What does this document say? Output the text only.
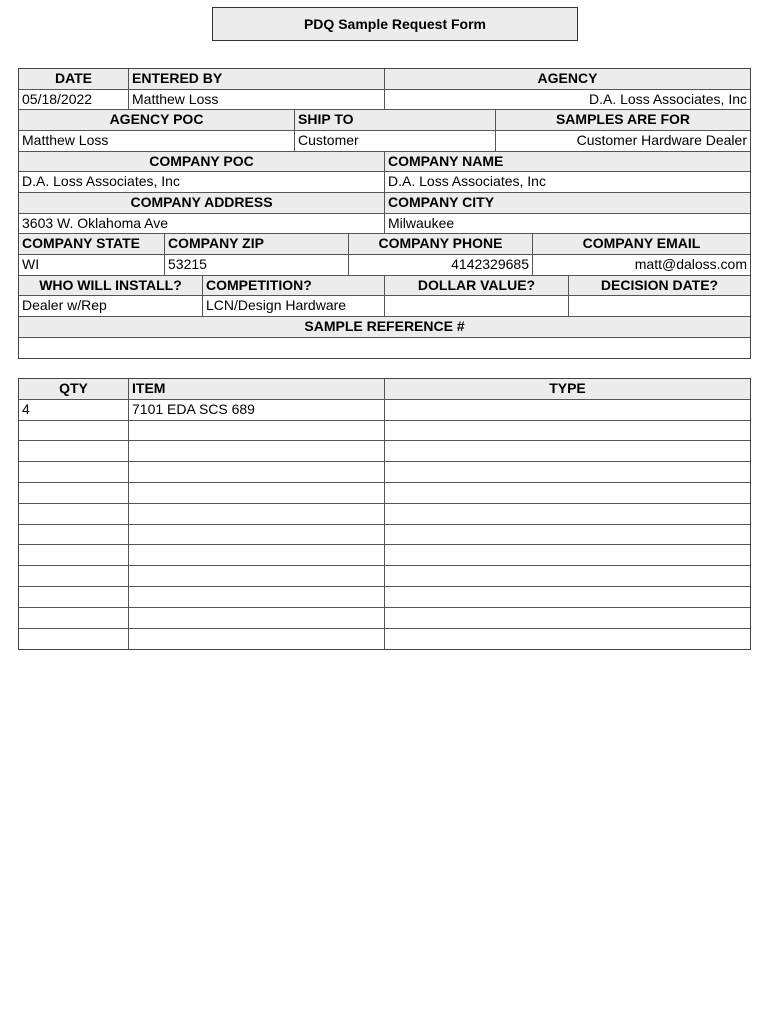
PDQ Sample Request Form
DATE	ENTERED BY	AGENCY
05/18/2022	Matthew Loss	D.A. Loss Associates, Inc
AGENCY POC	SHIP TO	SAMPLES ARE FOR
Matthew Loss	Customer	Customer Hardware Dealer
COMPANY POC	COMPANY NAME
D.A. Loss Associates, Inc	D.A. Loss Associates, Inc
COMPANY ADDRESS	COMPANY CITY
3603 W. Oklahoma Ave	Milwaukee
COMPANY STATE	COMPANY ZIP	COMPANY PHONE	COMPANY EMAIL
WI	53215	4142329685	matt@daloss.com
WHO WILL INSTALL?	COMPETITION?	DOLLAR VALUE?	DECISION DATE?
Dealer w/Rep	LCN/Design Hardware
SAMPLE REFERENCE #
QTY	ITEM	TYPE
4	7101 EDA SCS 689
